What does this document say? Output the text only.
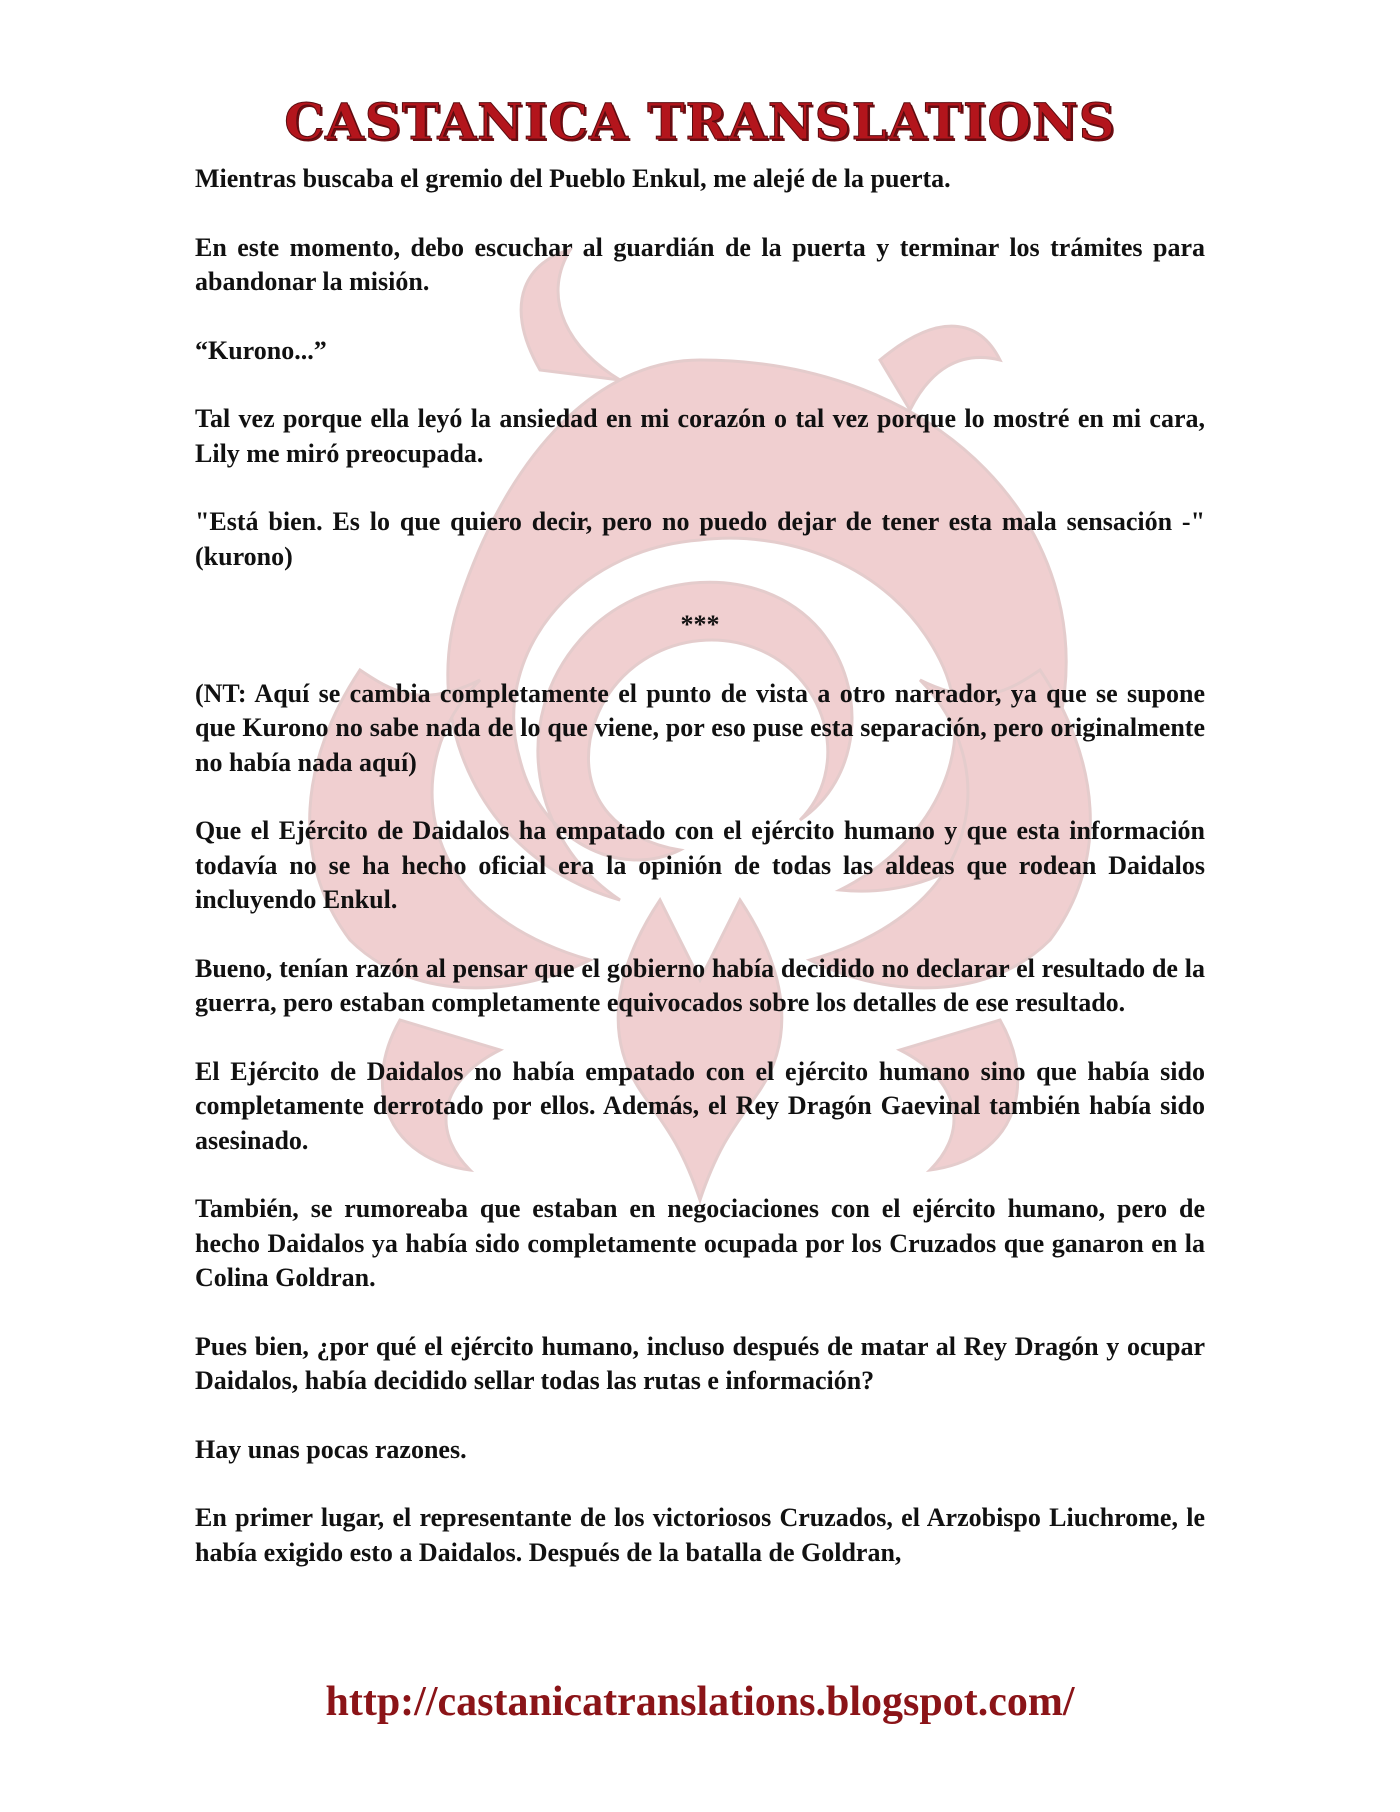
CASTANICA TRANSLATIONS

Mientras buscaba el gremio del Pueblo Enkul, me alejé de la puerta.

En este momento, debo escuchar al guardián de la puerta y terminar los trámites para abandonar la misión.

“Kurono...”

Tal vez porque ella leyó la ansiedad en mi corazón o tal vez porque lo mostré en mi cara, Lily me miró preocupada.

"Está bien. Es lo que quiero decir, pero no puedo dejar de tener esta mala sensación -" (kurono)

***

(NT: Aquí se cambia completamente el punto de vista a otro narrador, ya que se supone que Kurono no sabe nada de lo que viene, por eso puse esta separación, pero originalmente no había nada aquí)

Que el Ejército de Daidalos ha empatado con el ejército humano y que esta información todavía no se ha hecho oficial era la opinión de todas las aldeas que rodean Daidalos incluyendo Enkul.

Bueno, tenían razón al pensar que el gobierno había decidido no declarar el resultado de la guerra, pero estaban completamente equivocados sobre los detalles de ese resultado.

El Ejército de Daidalos no había empatado con el ejército humano sino que había sido completamente derrotado por ellos. Además, el Rey Dragón Gaevinal también había sido asesinado.

También, se rumoreaba que estaban en negociaciones con el ejército humano, pero de hecho Daidalos ya había sido completamente ocupada por los Cruzados que ganaron en la Colina Goldran.

Pues bien, ¿por qué el ejército humano, incluso después de matar al Rey Dragón y ocupar Daidalos, había decidido sellar todas las rutas e información?

Hay unas pocas razones.

En primer lugar, el representante de los victoriosos Cruzados, el Arzobispo Liuchrome, le había exigido esto a Daidalos. Después de la batalla de Goldran,

http://castanicatranslations.blogspot.com/
